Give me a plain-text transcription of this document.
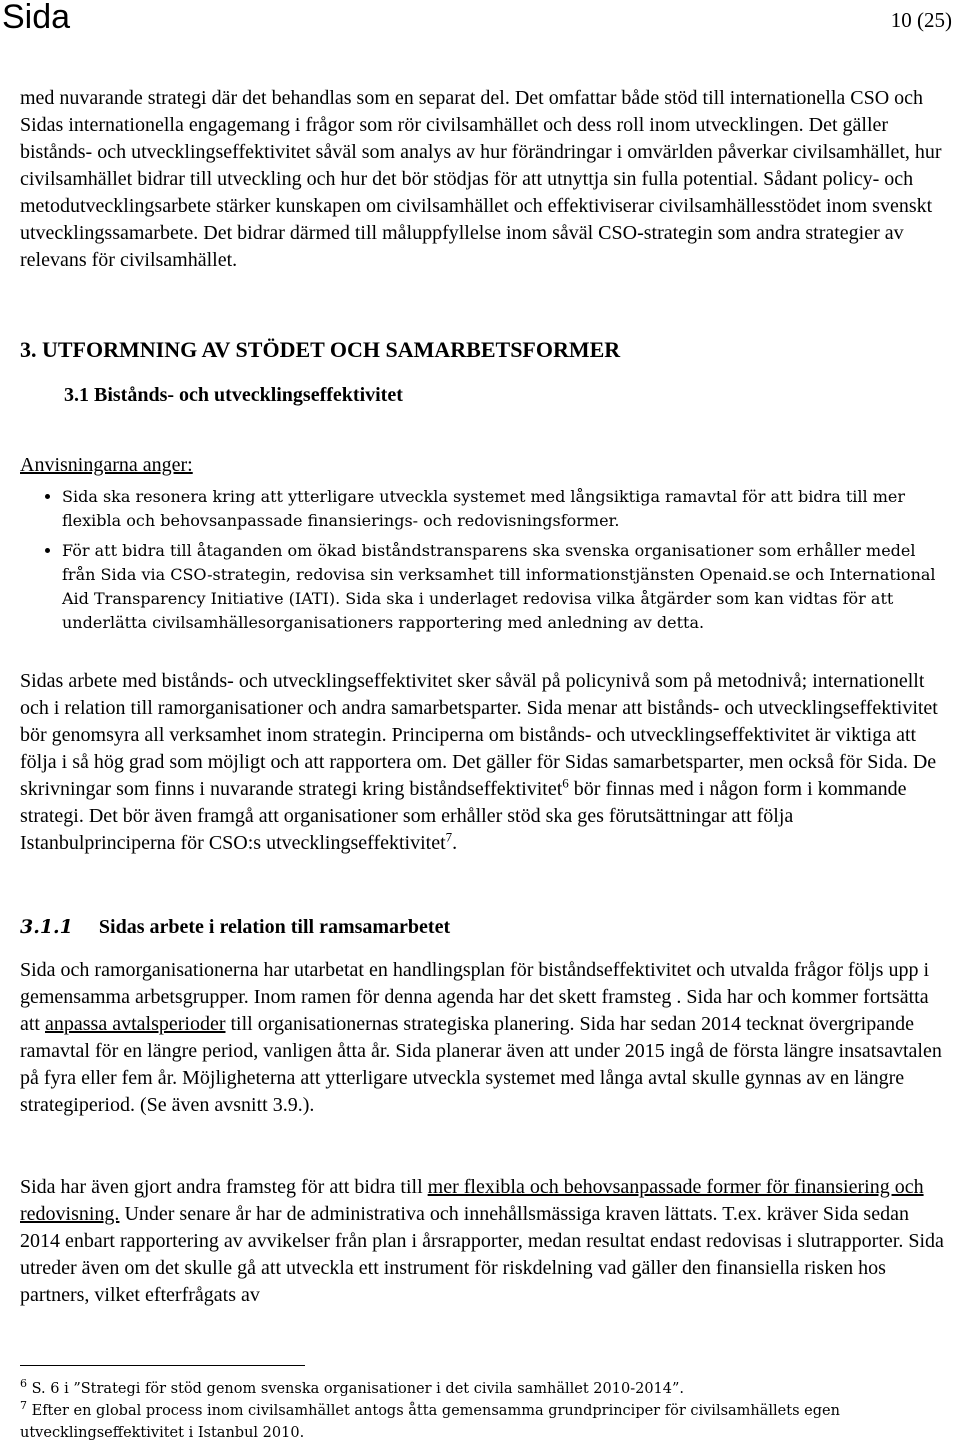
Sida	10 (25)

med nuvarande strategi där det behandlas som en separat del. Det omfattar både stöd till internationella CSO och Sidas internationella engagemang i frågor som rör civilsamhället och dess roll inom utvecklingen. Det gäller bistånds- och utvecklingseffektivitet såväl som analys av hur förändringar i omvärlden påverkar civilsamhället, hur civilsamhället bidrar till utveckling och hur det bör stödjas för att utnyttja sin fulla potential. Sådant policy- och metodutvecklingsarbete stärker kunskapen om civilsamhället och effektiviserar civilsamhällesstödet inom svenskt utvecklingssamarbete. Det bidrar därmed till måluppfyllelse inom såväl CSO-strategin som andra strategier av relevans för civilsamhället.

3. UTFORMNING AV STÖDET OCH SAMARBETSFORMER
3.1 Bistånds- och utvecklingseffektivitet
Anvisningarna anger:
• Sida ska resonera kring att ytterligare utveckla systemet med långsiktiga ramavtal för att bidra till mer flexibla och behovsanpassade finansierings- och redovisningsformer.
• För att bidra till åtaganden om ökad biståndstransparens ska svenska organisationer som erhåller medel från Sida via CSO-strategin, redovisa sin verksamhet till informationstjänsten Openaid.se och International Aid Transparency Initiative (IATI). Sida ska i underlaget redovisa vilka åtgärder som kan vidtas för att underlätta civilsamhällesorganisationers rapportering med anledning av detta.

Sidas arbete med bistånds- och utvecklingseffektivitet sker såväl på policynivå som på metodnivå; internationellt och i relation till ramorganisationer och andra samarbetsparter. Sida menar att bistånds- och utvecklingseffektivitet bör genomsyra all verksamhet inom strategin. Principerna om bistånds- och utvecklingseffektivitet är viktiga att följa i så hög grad som möjligt och att rapportera om. Det gäller för Sidas samarbetsparter, men också för Sida. De skrivningar som finns i nuvarande strategi kring biståndseffektivitet$^6$ bör finnas med i någon form i kommande strategi. Det bör även framgå att organisationer som erhåller stöd ska ges förutsättningar att följa Istanbulprinciperna för CSO:s utvecklingseffektivitet$^7$.

3.1.1 Sidas arbete i relation till ramsamarbetet

Sida och ramorganisationerna har utarbetat en handlingsplan för biståndseffektivitet och utvalda frågor följs upp i gemensamma arbetsgrupper. Inom ramen för denna agenda har det skett framsteg . Sida har och kommer fortsätta att anpassa avtalsperioder till organisationernas strategiska planering. Sida har sedan 2014 tecknat övergripande ramavtal för en längre period, vanligen åtta år. Sida planerar även att under 2015 ingå de första längre insatsavtalen på fyra eller fem år. Möjligheterna att ytterligare utveckla systemet med långa avtal skulle gynnas av en längre strategiperiod. (Se även avsnitt 3.9.).

Sida har även gjort andra framsteg för att bidra till mer flexibla och behovsanpassade former för finansiering och redovisning. Under senare år har de administrativa och innehållsmässiga kraven lättats. T.ex. kräver Sida sedan 2014 enbart rapportering av avvikelser från plan i årsrapporter, medan resultat endast redovisas i slutrapporter. Sida utreder även om det skulle gå att utveckla ett instrument för riskdelning vad gäller den finansiella risken hos partners, vilket efterfrågats av

$^6$ S. 6 i ”Strategi för stöd genom svenska organisationer i det civila samhället 2010-2014”.
$^7$ Efter en global process inom civilsamhället antogs åtta gemensamma grundprinciper för civilsamhällets egen utvecklingseffektivitet i Istanbul 2010.
